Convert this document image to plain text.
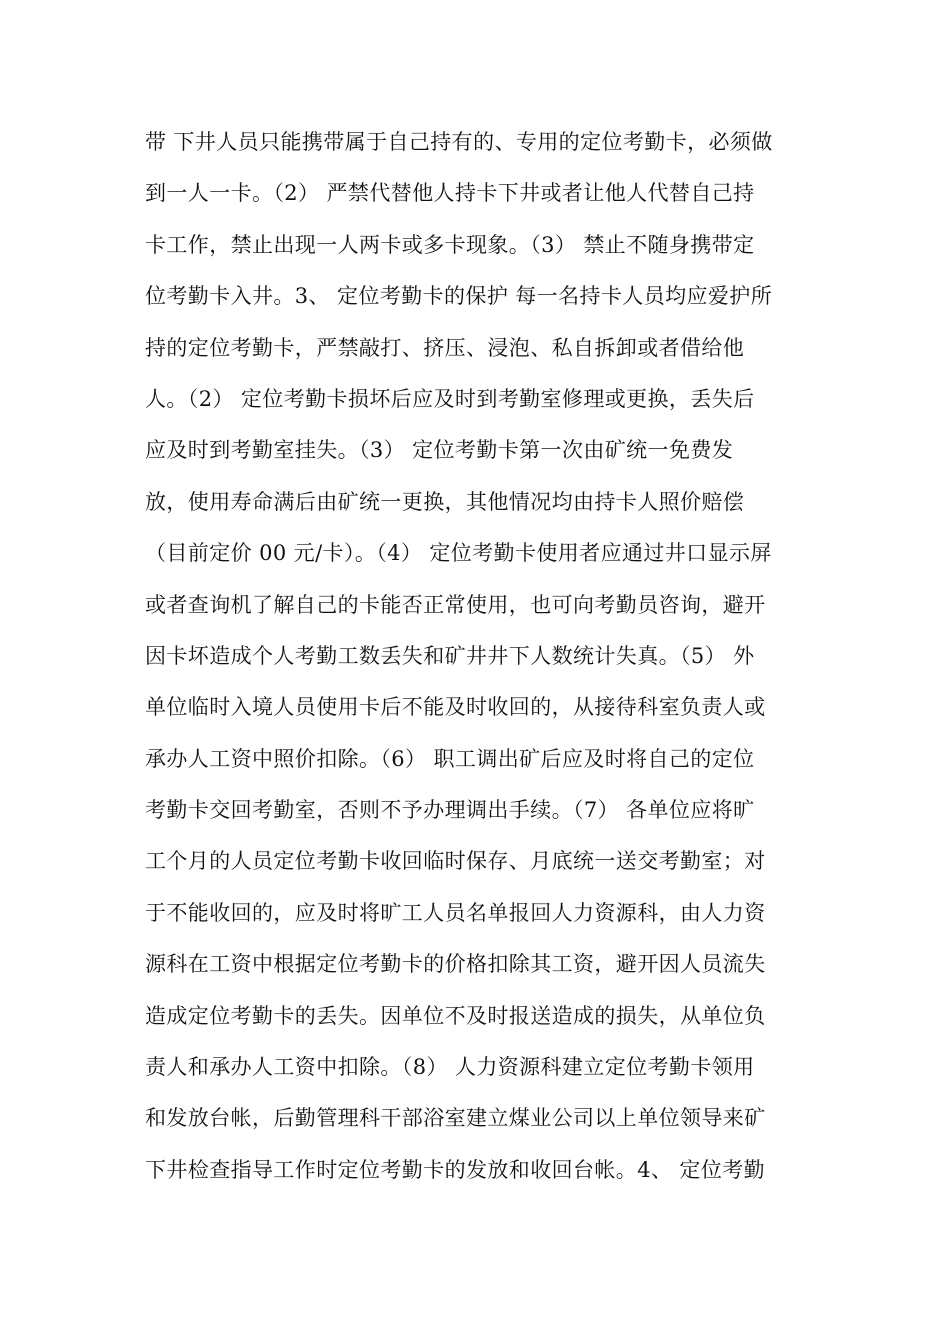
带 下井人员只能携带属于自己持有的、专用的定位考勤卡，必须做
到一人一卡。（2） 严禁代替他人持卡下井或者让他人代替自己持
卡工作，禁止出现一人两卡或多卡现象。（3） 禁止不随身携带定
位考勤卡入井。3、 定位考勤卡的保护 每一名持卡人员均应爱护所
持的定位考勤卡，严禁敲打、挤压、浸泡、私自拆卸或者借给他
人。（2） 定位考勤卡损坏后应及时到考勤室修理或更换，丢失后
应及时到考勤室挂失。（3） 定位考勤卡第一次由矿统一免费发
放，使用寿命满后由矿统一更换，其他情况均由持卡人照价赔偿
（目前定价 00 元/卡）。（4） 定位考勤卡使用者应通过井口显示屏
或者查询机了解自己的卡能否正常使用，也可向考勤员咨询，避开
因卡坏造成个人考勤工数丢失和矿井井下人数统计失真。（5） 外
单位临时入境人员使用卡后不能及时收回的，从接待科室负责人或
承办人工资中照价扣除。（6） 职工调出矿后应及时将自己的定位
考勤卡交回考勤室，否则不予办理调出手续。（7） 各单位应将旷
工个月的人员定位考勤卡收回临时保存、月底统一送交考勤室；对
于不能收回的，应及时将旷工人员名单报回人力资源科，由人力资
源科在工资中根据定位考勤卡的价格扣除其工资，避开因人员流失
造成定位考勤卡的丢失。因单位不及时报送造成的损失，从单位负
责人和承办人工资中扣除。（8） 人力资源科建立定位考勤卡领用
和发放台帐，后勤管理科干部浴室建立煤业公司以上单位领导来矿
下井检查指导工作时定位考勤卡的发放和收回台帐。4、 定位考勤
